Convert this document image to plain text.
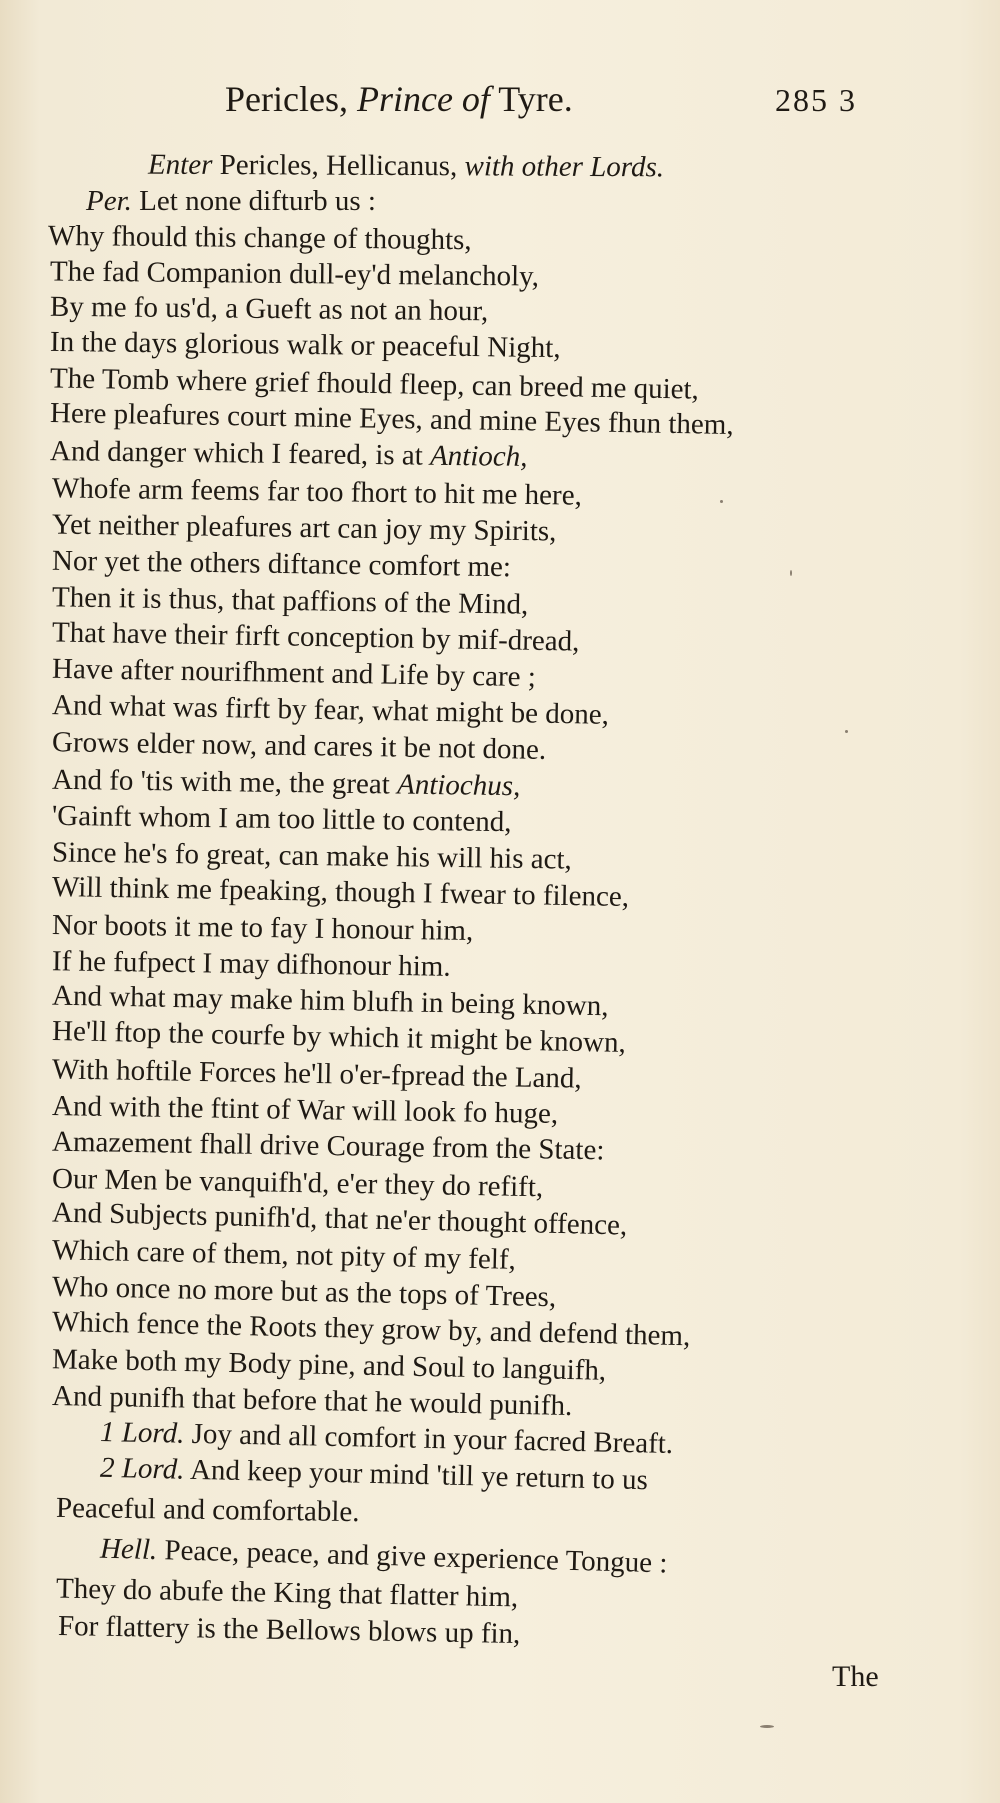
Pericles, Prince of Tyre.	285 3
Enter Pericles, Hellicanus, with other Lords.
Per. Let none difturb us :
Why fhould this change of thoughts,
The fad Companion dull-ey'd melancholy,
By me fo us'd, a Gueft as not an hour,
In the days glorious walk or peaceful Night,
The Tomb where grief fhould fleep, can breed me quiet,
Here pleafures court mine Eyes, and mine Eyes fhun them,
And danger which I feared, is at Antioch,
Whofe arm feems far too fhort to hit me here,
Yet neither pleafures art can joy my Spirits,
Nor yet the others diftance comfort me:
Then it is thus, that paffions of the Mind,
That have their firft conception by mif-dread,
Have after nourifhment and Life by care ;
And what was firft by fear, what might be done,
Grows elder now, and cares it be not done.
And fo 'tis with me, the great Antiochus,
'Gainft whom I am too little to contend,
Since he's fo great, can make his will his act,
Will think me fpeaking, though I fwear to filence,
Nor boots it me to fay I honour him,
If he fufpect I may difhonour him.
And what may make him blufh in being known,
He'll ftop the courfe by which it might be known,
With hoftile Forces he'll o'er-fpread the Land,
And with the ftint of War will look fo huge,
Amazement fhall drive Courage from the State:
Our Men be vanquifh'd, e'er they do refift,
And Subjects punifh'd, that ne'er thought offence,
Which care of them, not pity of my felf,
Who once no more but as the tops of Trees,
Which fence the Roots they grow by, and defend them,
Make both my Body pine, and Soul to languifh,
And punifh that before that he would punifh.
1 Lord. Joy and all comfort in your facred Breaft.
2 Lord. And keep your mind 'till ye return to us
Peaceful and comfortable.
Hell. Peace, peace, and give experience Tongue :
They do abufe the King that flatter him,
For flattery is the Bellows blows up fin,
The
